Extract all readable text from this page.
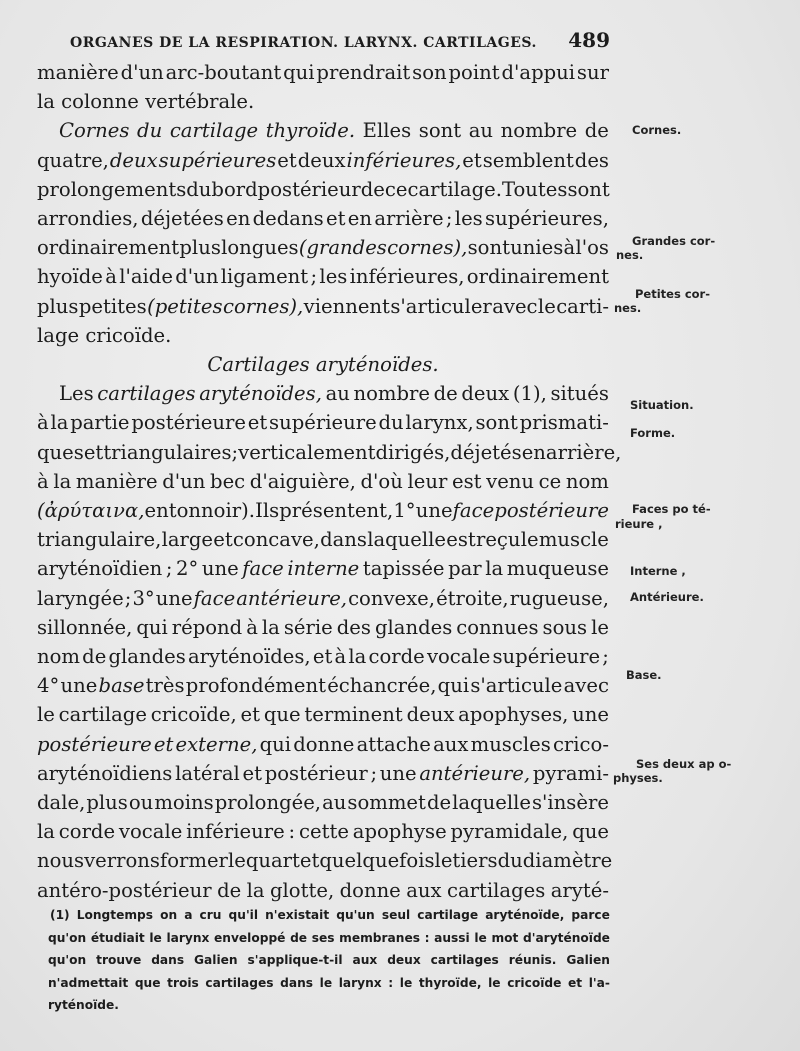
ORGANES DE LA RESPIRATION. LARYNX. CARTILAGES. 489
manière d'un arc-boutant qui prendrait son point d'appui sur
la colonne vertébrale.
Cornes du cartilage thyroïde. Elles sont au nombre de
quatre, deux supérieures et deux inférieures, et semblent des
prolongements du bord postérieur de ce cartilage. Toutes sont
arrondies, déjetées en dedans et en arrière ; les supérieures,
ordinairement plus longues (grandes cornes), sont unies à l'os
hyoïde à l'aide d'un ligament ; les inférieures, ordinairement
plus petites (petites cornes), viennent s'articuler avec le carti-
lage cricoïde.
Cartilages aryténoïdes.
Les cartilages aryténoïdes, au nombre de deux (1), situés
à la partie postérieure et supérieure du larynx, sont prismati-
ques et triangulaires ; verticalement dirigés, déjetés en arrière,
à la manière d'un bec d'aiguière, d'où leur est venu ce nom
(ἀρύταινα, entonnoir). Ils présentent, 1° une face postérieure
triangulaire, large et concave, dans laquelle est reçu le muscle
aryténoïdien ; 2° une face interne tapissée par la muqueuse
laryngée ; 3° une face antérieure, convexe, étroite, rugueuse,
sillonnée, qui répond à la série des glandes connues sous le
nom de glandes aryténoïdes, et à la corde vocale supérieure ;
4° une base très profondément échancrée, qui s'articule avec
le cartilage cricoïde, et que terminent deux apophyses, une
postérieure et externe, qui donne attache aux muscles crico-
aryténoïdiens latéral et postérieur ; une antérieure, pyrami-
dale, plus ou moins prolongée, au sommet de laquelle s'insère
la corde vocale inférieure : cette apophyse pyramidale, que
nous verrons former le quart et quelquefois le tiers du diamètre
antéro-postérieur de la glotte, donne aux cartilages aryté-
Cornes.
Grandes cor-
nes.
Petites cor-
nes.
Situation.
Forme.
Faces po té-
rieure ,
Interne ,
Antérieure.
Base.
Ses deux ap o-
physes.
(1) Longtemps on a cru qu'il n'existait qu'un seul cartilage aryténoïde, parce
qu'on étudiait le larynx enveloppé de ses membranes : aussi le mot d'aryténoïde
qu'on trouve dans Galien s'applique-t-il aux deux cartilages réunis. Galien
n'admettait que trois cartilages dans le larynx : le thyroïde, le cricoïde et l'a-
ryténoïde.
